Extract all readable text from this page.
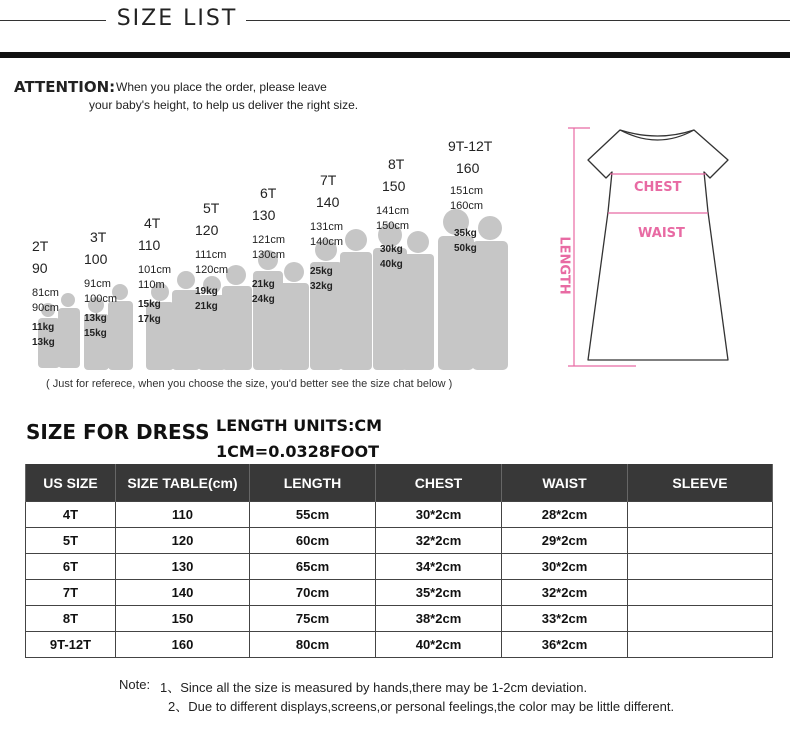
SIZE LIST
ATTENTION: When you place the order, please leave
your baby's height, to help us deliver the right size.
2T
90
81cm
90cm
11kg
13kg
3T
100
91cm
100cm
13kg
15kg
4T
110
101cm
110m
15kg
17kg
5T
120
111cm
120cm
19kg
21kg
6T
130
121cm
130cm
21kg
24kg
7T
140
131cm
140cm
25kg
32kg
8T
150
141cm
150cm
30kg
40kg
9T-12T
160
151cm
160cm
35kg
50kg
( Just for referece, when you choose the size, you'd better see the size chat below )
CHEST
WAIST
LENGTH
SIZE FOR DRESS LENGTH UNITS:CM
1CM=0.0328FOOT
US SIZE	SIZE TABLE(cm)	LENGTH	CHEST	WAIST	SLEEVE
4T	110	55cm	30*2cm	28*2cm	
5T	120	60cm	32*2cm	29*2cm	
6T	130	65cm	34*2cm	30*2cm	
7T	140	70cm	35*2cm	32*2cm	
8T	150	75cm	38*2cm	33*2cm	
9T-12T	160	80cm	40*2cm	36*2cm	
Note: 1、Since all the size is measured by hands,there may be 1-2cm deviation.
2、Due to different displays,screens,or personal feelings,the color may be little different.
